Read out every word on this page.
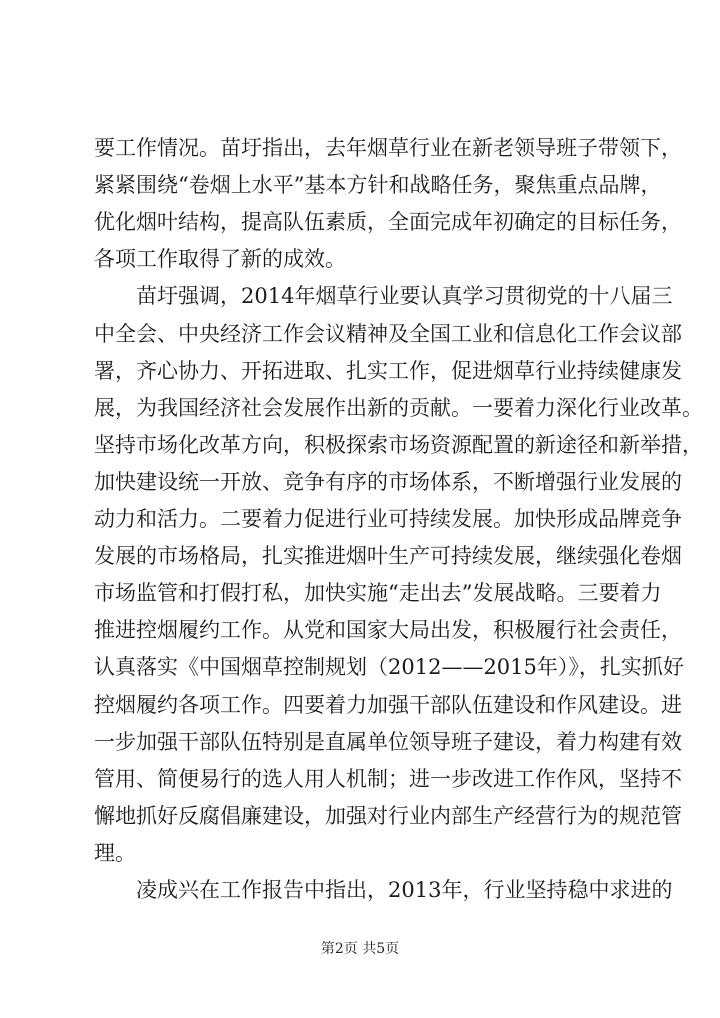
要工作情况。苗圩指出，去年烟草行业在新老领导班子带领下，
紧紧围绕“卷烟上水平”基本方针和战略任务，聚焦重点品牌，
优化烟叶结构，提高队伍素质，全面完成年初确定的目标任务，
各项工作取得了新的成效。
苗圩强调，2014年烟草行业要认真学习贯彻党的十八届三
中全会、中央经济工作会议精神及全国工业和信息化工作会议部
署，齐心协力、开拓进取、扎实工作，促进烟草行业持续健康发
展，为我国经济社会发展作出新的贡献。一要着力深化行业改革。
坚持市场化改革方向，积极探索市场资源配置的新途径和新举措，
加快建设统一开放、竞争有序的市场体系，不断增强行业发展的
动力和活力。二要着力促进行业可持续发展。加快形成品牌竞争
发展的市场格局，扎实推进烟叶生产可持续发展，继续强化卷烟
市场监管和打假打私，加快实施“走出去”发展战略。三要着力
推进控烟履约工作。从党和国家大局出发，积极履行社会责任，
认真落实《中国烟草控制规划（2012——2015年）》，扎实抓好
控烟履约各项工作。四要着力加强干部队伍建设和作风建设。进
一步加强干部队伍特别是直属单位领导班子建设，着力构建有效
管用、简便易行的选人用人机制；进一步改进工作作风，坚持不
懈地抓好反腐倡廉建设，加强对行业内部生产经营行为的规范管
理。
凌成兴在工作报告中指出，2013年，行业坚持稳中求进的
第2页 共5页
